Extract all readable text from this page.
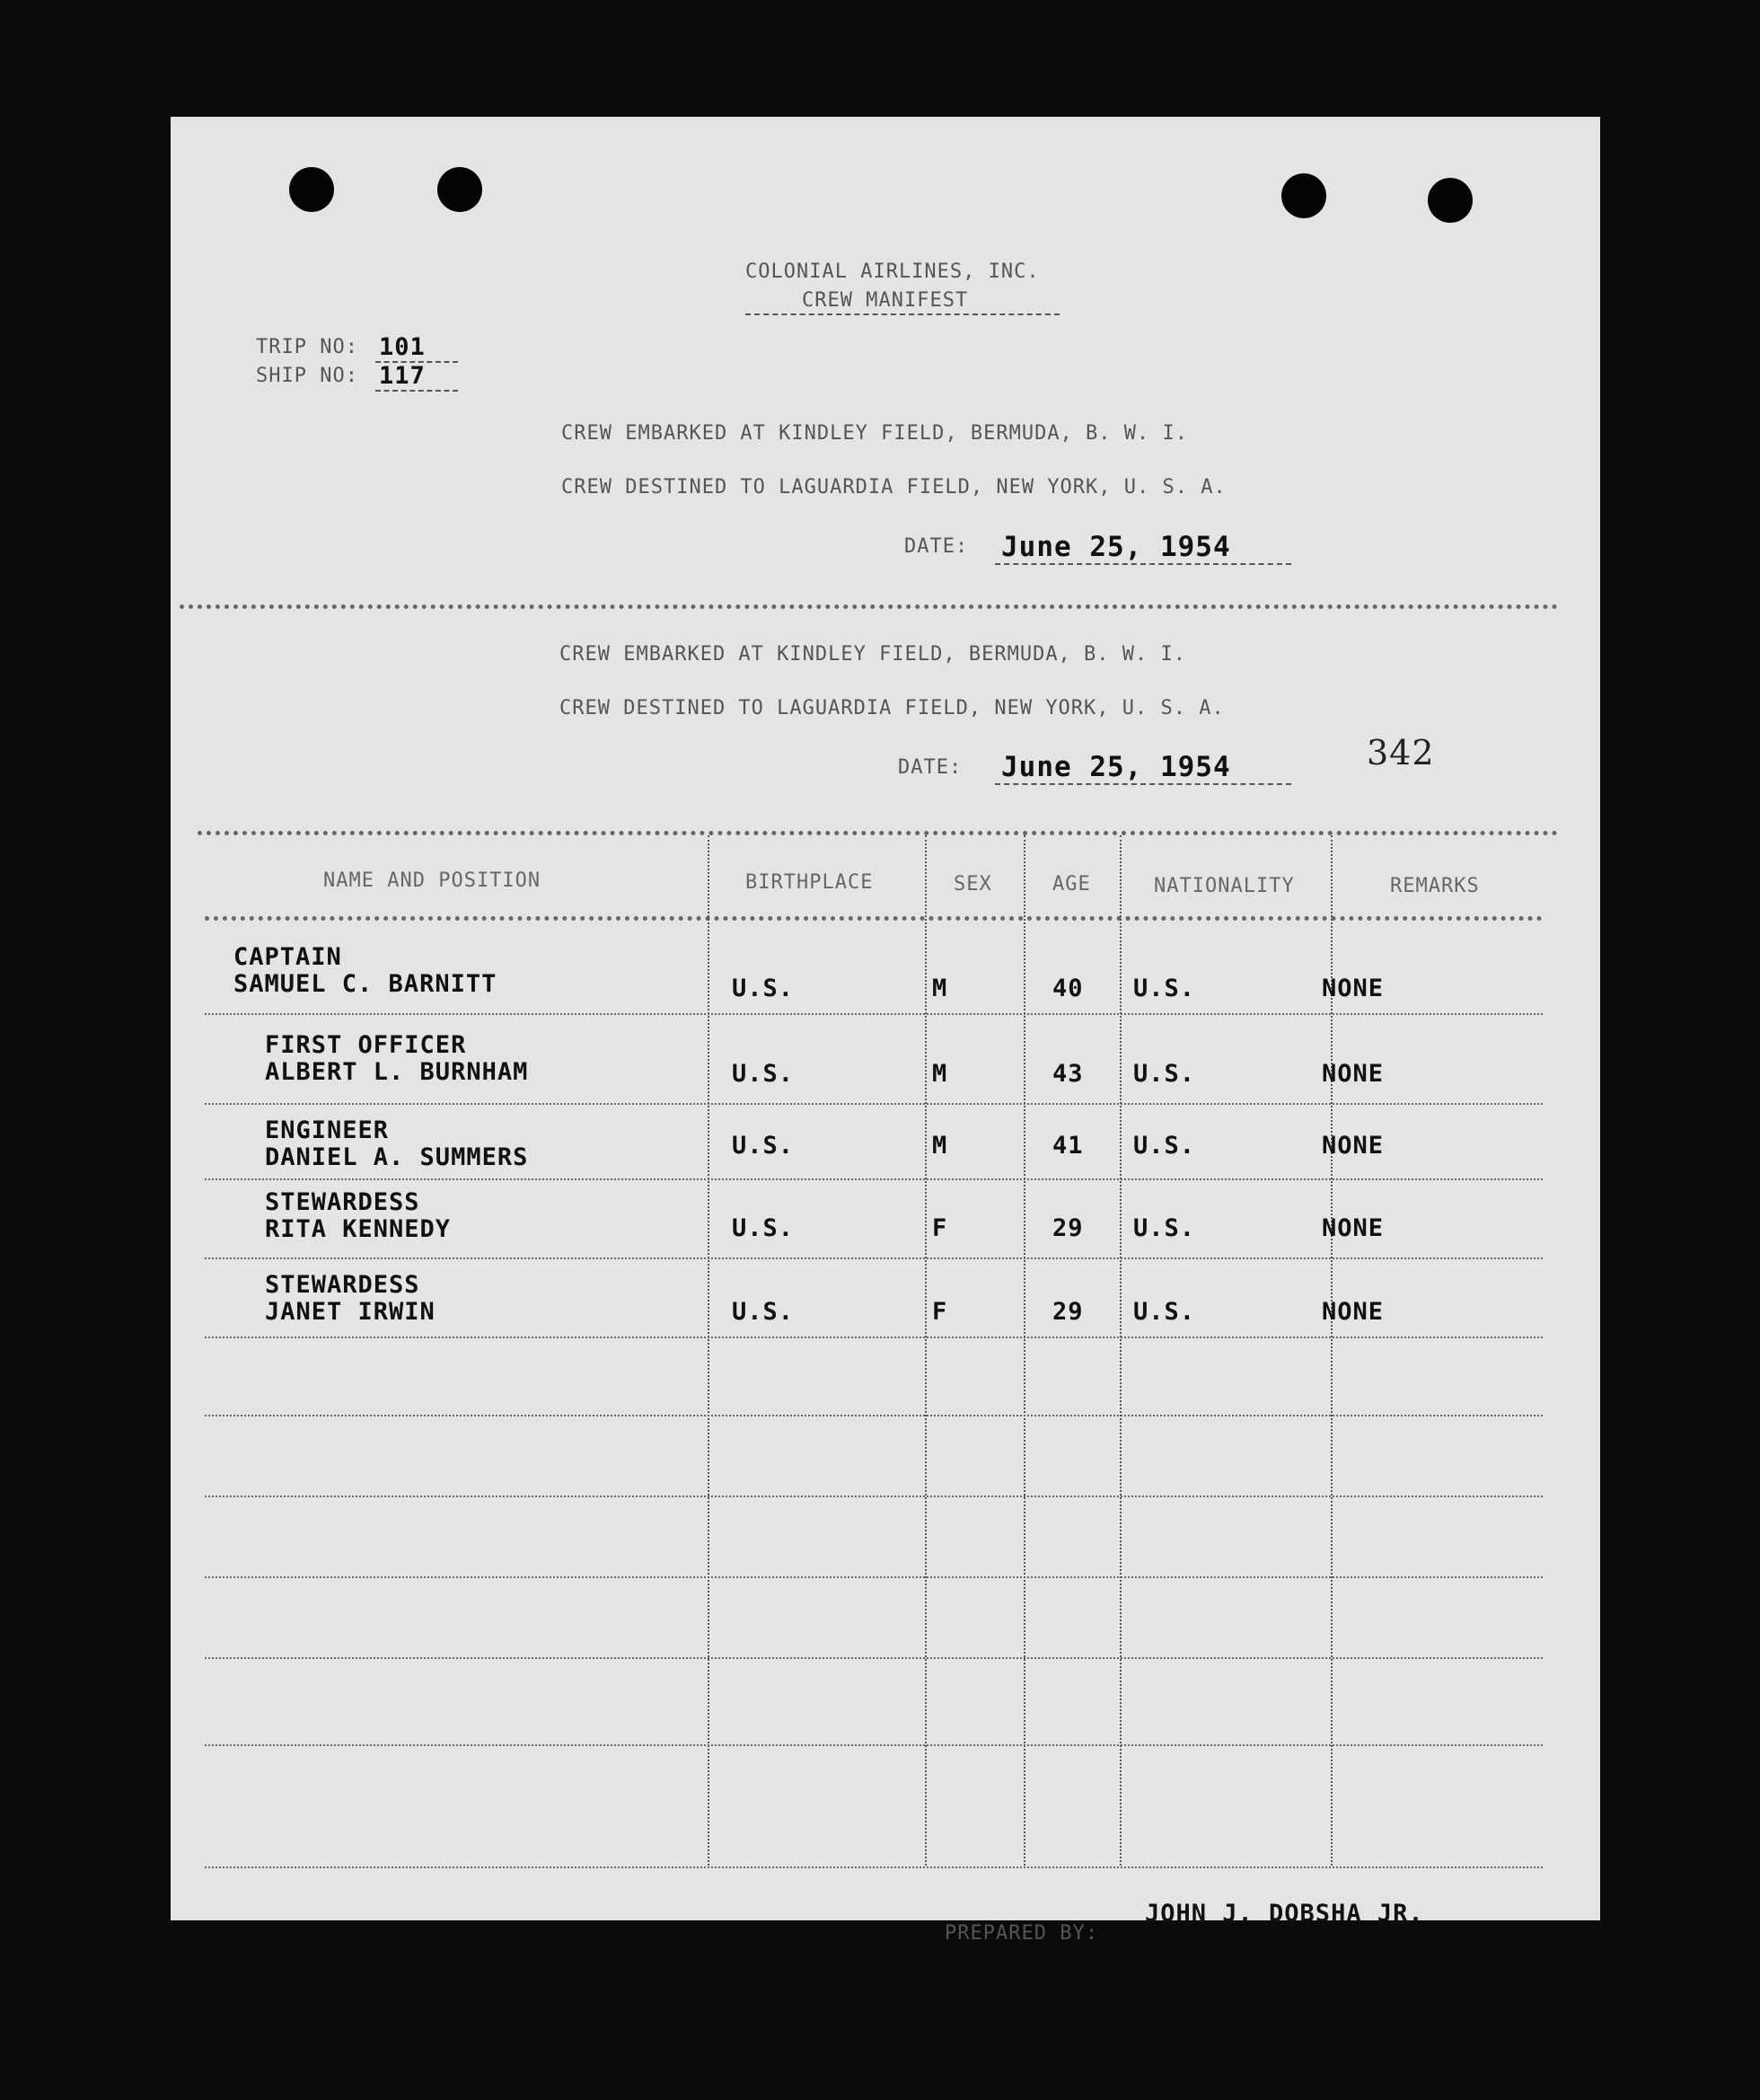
COLONIAL AIRLINES, INC.
CREW MANIFEST
TRIP NO: 101
SHIP NO: 117
CREW EMBARKED AT KINDLEY FIELD, BERMUDA, B. W. I.
CREW DESTINED TO LAGUARDIA FIELD, NEW YORK, U. S. A.
DATE: June 25, 1954
CREW EMBARKED AT KINDLEY FIELD, BERMUDA, B. W. I.
CREW DESTINED TO LAGUARDIA FIELD, NEW YORK, U. S. A.
DATE: June 25, 1954	342
NAME AND POSITION	BIRTHPLACE	SEX	AGE	NATIONALITY	REMARKS
CAPTAIN
SAMUEL C. BARNITT	U.S.	M	40 U.S.	NONE
FIRST OFFICER
ALBERT L. BURNHAM	U.S.	M	43 U.S.	NONE
ENGINEER
DANIEL A. SUMMERS	U.S.	M	41 U.S.	NONE
STEWARDESS
RITA KENNEDY	U.S.	F	29 U.S.	NONE
STEWARDESS
JANET IRWIN	U.S.	F	29 U.S.	NONE
PREPARED BY:
JOHN J. DOBSHA JR.
